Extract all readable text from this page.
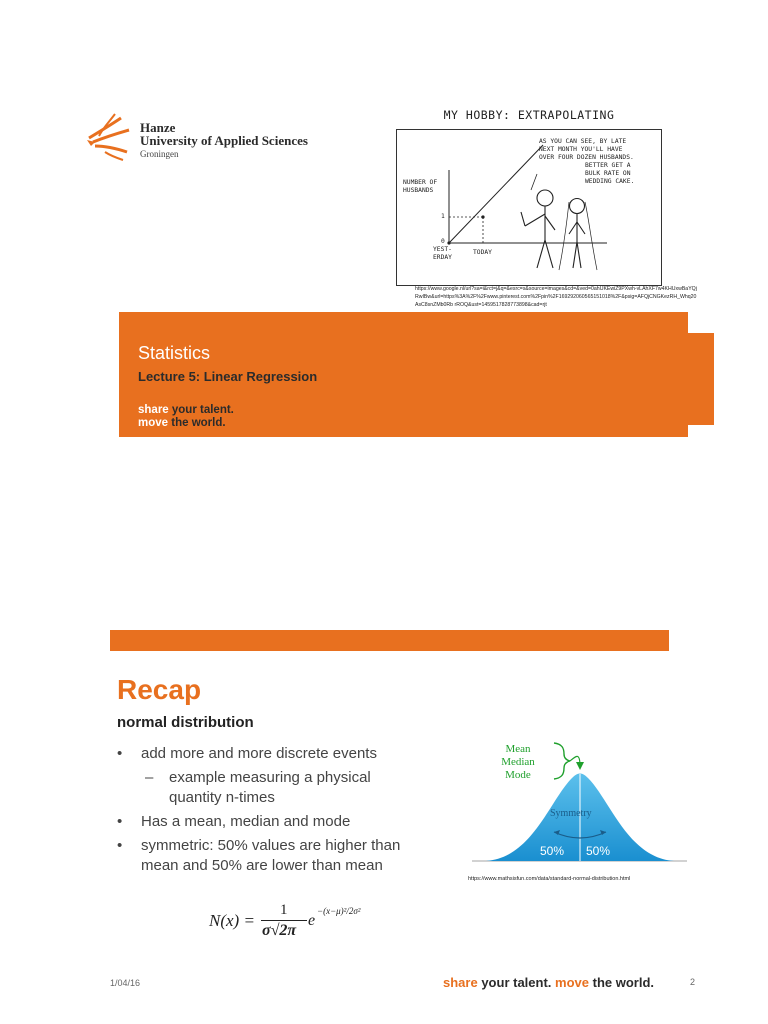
Hanze
University of Applied Sciences
Groningen
MY HOBBY: EXTRAPOLATING
NUMBER OF
HUSBANDS
1
0
YEST-
ERDAY
TODAY
AS YOU CAN SEE, BY LATE
NEXT MONTH YOU'LL HAVE
OVER FOUR DOZEN HUSBANDS.
BETTER GET A
BULK RATE ON
WEDDING CAKE.
https://www.google.nl/url?sa=i&rct=j&q=&esrc=s&source=images&cd=&ved=0ahUKEwiZ9PXwh-vLAhXF7w4KHUxwBaYQjRwIBw&url=https%3A%2F%2Fwww.pinterest.com%2Fpin%2F169292060565151018%2F&psig=AFQjCNGKezRH_Whq20AsC8snZMb0Rb rROQ&ust=1459517828773898&cad=rjt
Statistics
Lecture 5: Linear Regression
share your talent.
move the world.
Recap
normal distribution
• add more and more discrete events
– example measuring a physical quantity n-times
• Has a mean, median and mode
• symmetric: 50% values are higher than mean and 50% are lower than mean
Mean
Median
Mode
Symmetry
50% 50%
https://www.mathsisfun.com/data/standard-normal-distribution.html
N(x) =
1
σ√2π
e
−(x−μ)²/2σ²
1/04/16	share your talent. move the world.	2
